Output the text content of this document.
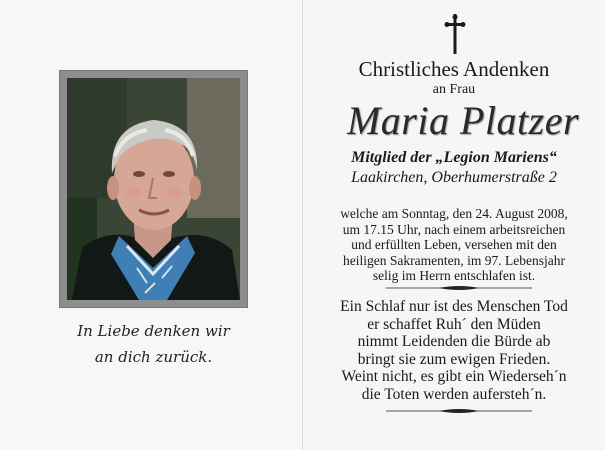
In Liebe denken wir
an dich zurück.
Christliches Andenken
an Frau
Maria Platzer
Mitglied der „Legion Mariens“
Laakirchen, Oberhumerstraße 2
welche am Sonntag, den 24. August 2008,
um 17.15 Uhr, nach einem arbeitsreichen
und erfüllten Leben, versehen mit den
heiligen Sakramenten, im 97. Lebensjahr
selig im Herrn entschlafen ist.
Ein Schlaf nur ist des Menschen Tod
er schaffet Ruh´ den Müden
nimmt Leidenden die Bürde ab
bringt sie zum ewigen Frieden.
Weint nicht, es gibt ein Wiederseh´n
die Toten werden aufersteh´n.
